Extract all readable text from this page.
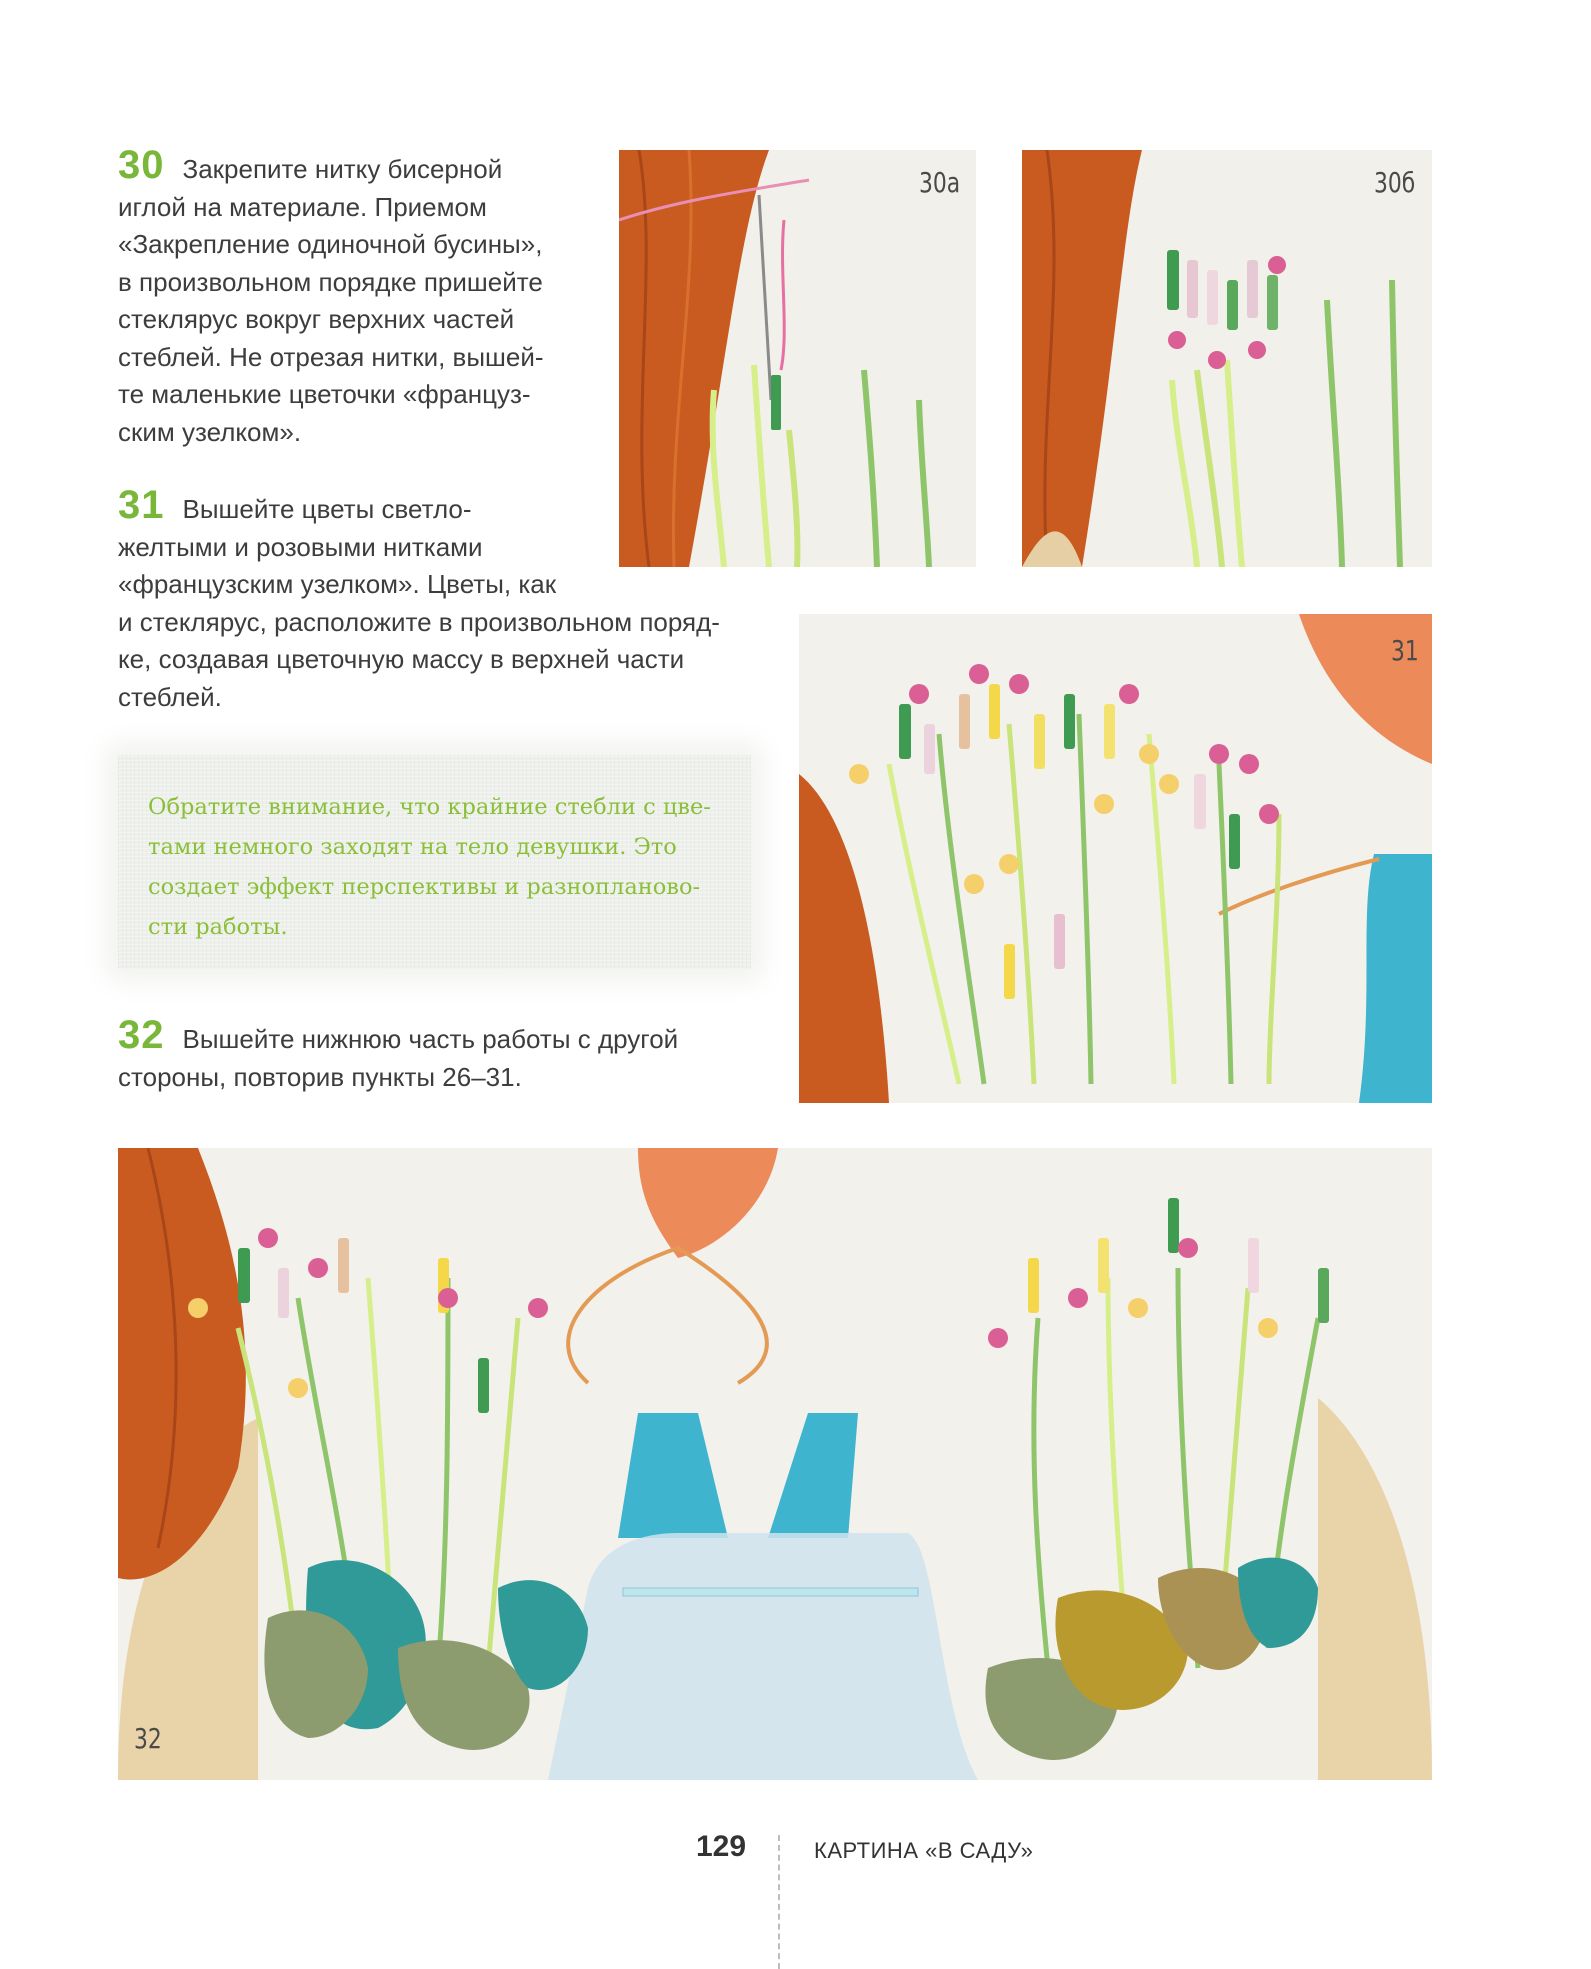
30 Закрепите нитку бисерной
иглой на материале. Приемом
«Закрепление одиночной бусины»,
в произвольном порядке пришейте
стеклярус вокруг верхних частей
стеблей. Не отрезая нитки, вышей-
те маленькие цветочки «француз-
ским узелком».
31 Вышейте цветы светло-
желтыми и розовыми нитками
«французским узелком». Цветы, как
и стеклярус, расположите в произвольном поряд-
ке, создавая цветочную массу в верхней части
стеблей.
Обратите внимание, что крайние стебли с цве-
тами немного заходят на тело девушки. Это
создает эффект перспективы и разноплановo-
сти работы.
32 Вышейте нижнюю часть работы с другой
стороны, повторив пункты 26–31.
30а	30б
31
32
129	КАРТИНА «В САДУ»
